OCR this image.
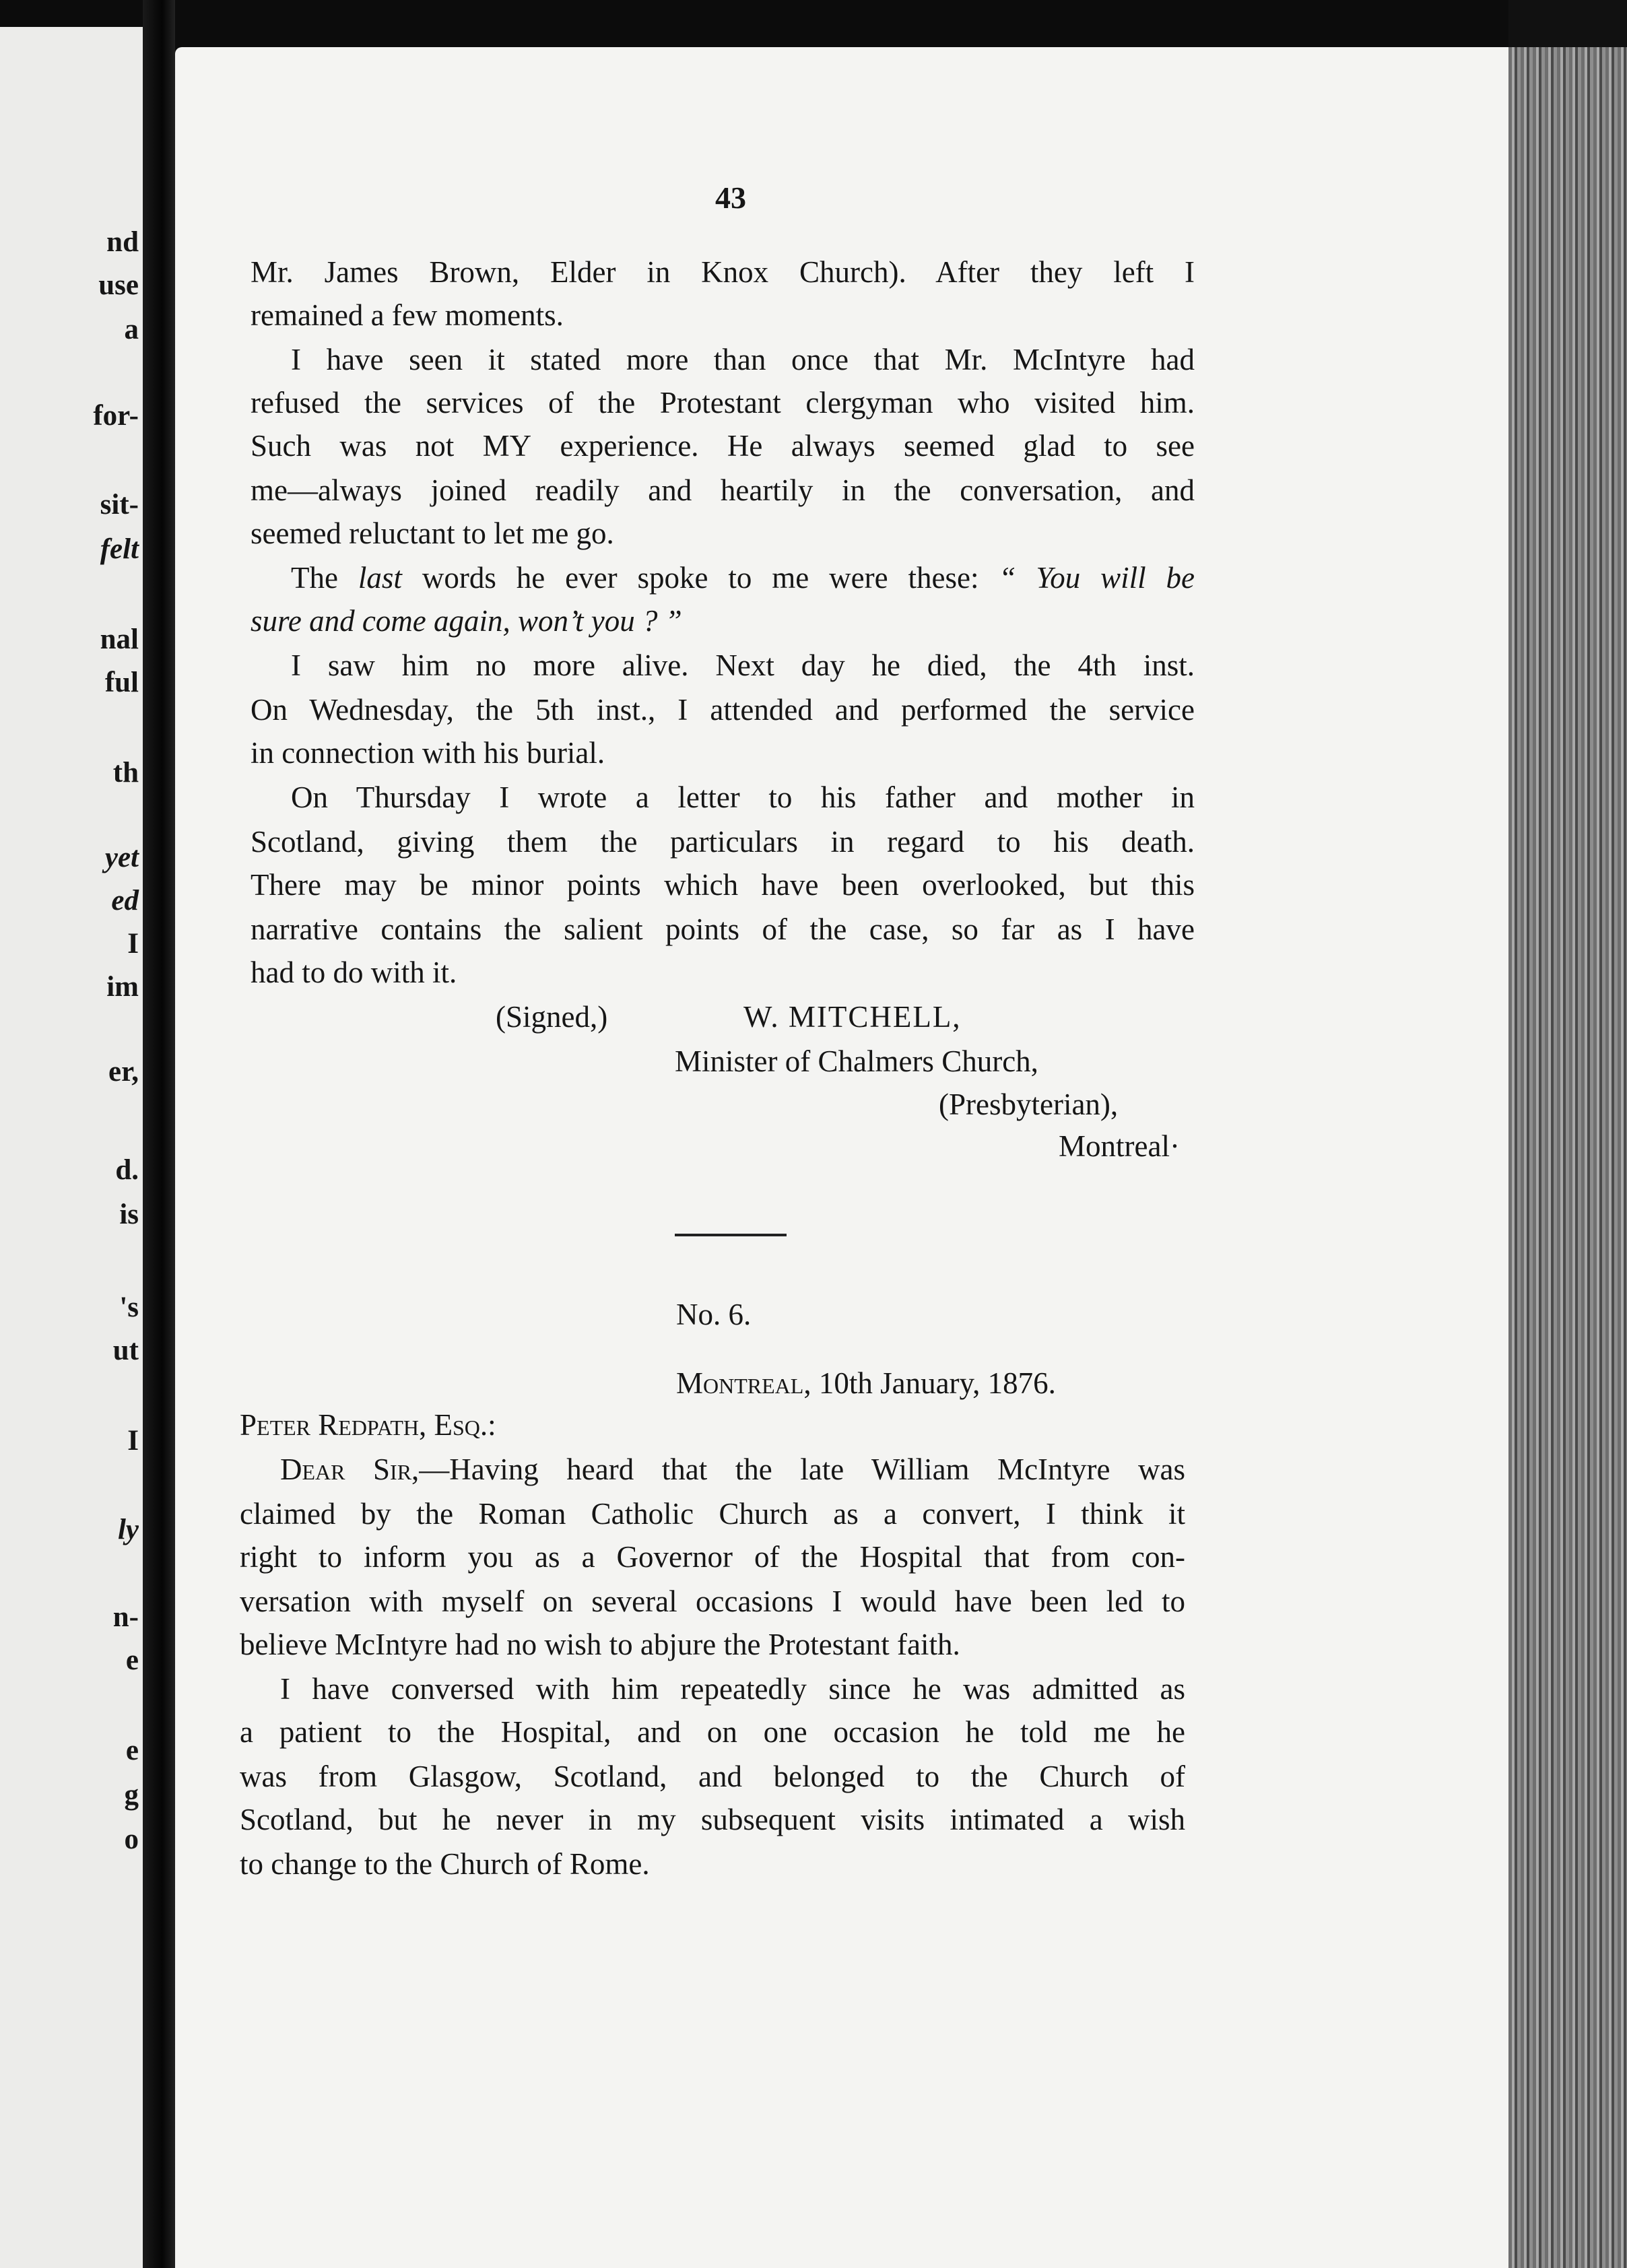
nd
use
a
for-
sit-
felt
nal
ful
th
yet
ed
I
im
er,
d.
is
's
ut
I
ly
n-
e
e
g
o

43

Mr. James Brown, Elder in Knox Church). After they left I

remained a few moments.

I have seen it stated more than once that Mr. McIntyre had

refused the services of the Protestant clergyman who visited him.

Such was not MY experience. He always seemed glad to see

me—always joined readily and heartily in the conversation, and

seemed reluctant to let me go.

The last words he ever spoke to me were these: “ You will be

sure and come again, won’t you ? ”

I saw him no more alive. Next day he died, the 4th inst.

On Wednesday, the 5th inst., I attended and performed the service

in connection with his burial.

On Thursday I wrote a letter to his father and mother in

Scotland, giving them the particulars in regard to his death.

There may be minor points which have been overlooked, but this

narrative contains the salient points of the case, so far as I have

had to do with it.

(Signed,)	W. MITCHELL,

Minister of Chalmers Church,

(Presbyterian),

Montreal·

No. 6.

Montreal, 10th January, 1876.

Peter Redpath, Esq.:

Dear Sir,—Having heard that the late William McIntyre was

claimed by the Roman Catholic Church as a convert, I think it

right to inform you as a Governor of the Hospital that from con-

versation with myself on several occasions I would have been led to

believe McIntyre had no wish to abjure the Protestant faith.

I have conversed with him repeatedly since he was admitted as

a patient to the Hospital, and on one occasion he told me he

was from Glasgow, Scotland, and belonged to the Church of

Scotland, but he never in my subsequent visits intimated a wish

to change to the Church of Rome.
